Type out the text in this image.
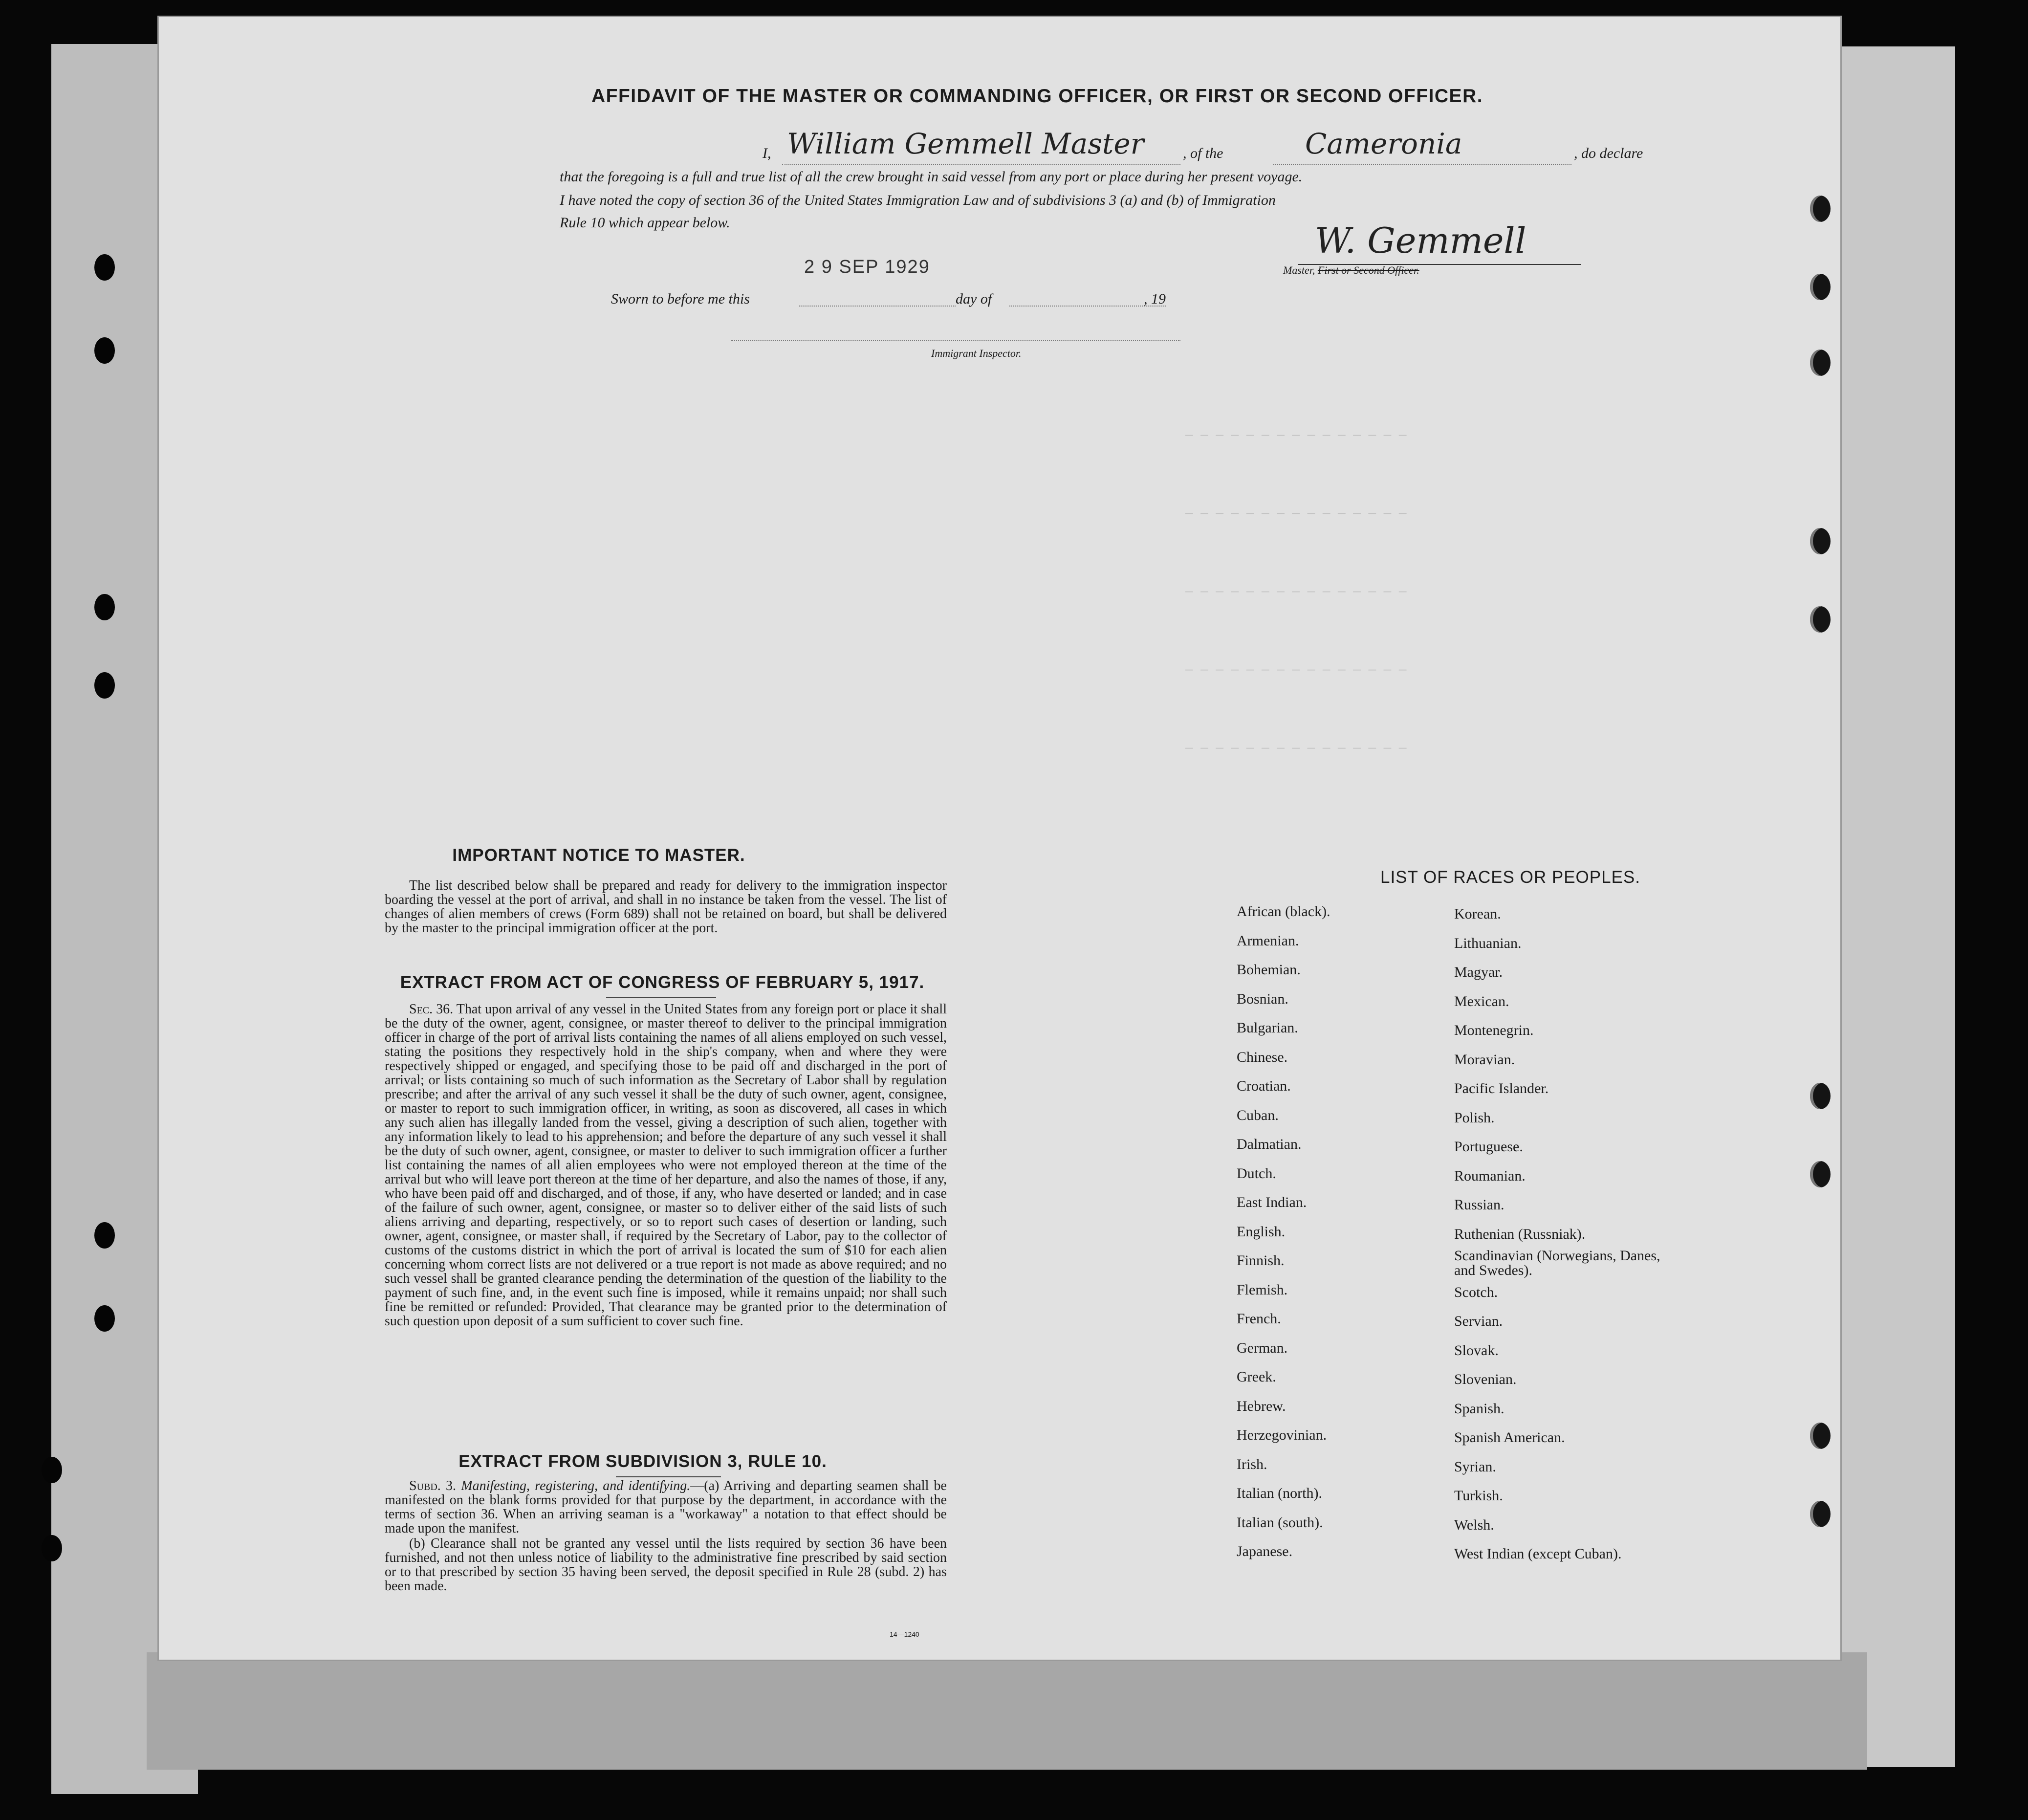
— — — — — — — — — — — — — — —
— — — — — — — — — — — — — — —
— — — — — — — — — — — — — — —
— — — — — — — — — — — — — — —
— — — — — — — — — — — — — — —
AFFIDAVIT OF THE MASTER OR COMMANDING OFFICER, OR FIRST OR SECOND OFFICER.
I, William Gemmell Master	, of the	Cameronia	, do declare
that the foregoing is a full and true list of all the crew brought in said vessel from any port or place during her present voyage.
I have noted the copy of section 36 of the United States Immigration Law and of subdivisions 3 (a) and (b) of Immigration
Rule 10 which appear below.	W. Gemmell
Master, First or Second Officer.
2 9 SEP 1929
Sworn to before me this	day of	, 19
Immigrant Inspector.
IMPORTANT NOTICE TO MASTER.

The list described below shall be prepared and ready for delivery to the immigration inspector boarding the vessel at the port of arrival, and shall in no instance be taken from the vessel. The list of changes of alien members of crews (Form 689) shall not be retained on board, but shall be delivered by the master to the principal immigration officer at the port.

EXTRACT FROM ACT OF CONGRESS OF FEBRUARY 5, 1917.

Sec. 36. That upon arrival of any vessel in the United States from any foreign port or place it shall be the duty of the owner, agent, consignee, or master thereof to deliver to the principal immigration officer in charge of the port of arrival lists containing the names of all aliens employed on such vessel, stating the positions they respectively hold in the ship's company, when and where they were respectively shipped or engaged, and specifying those to be paid off and discharged in the port of arrival; or lists containing so much of such information as the Secretary of Labor shall by regulation prescribe; and after the arrival of any such vessel it shall be the duty of such owner, agent, consignee, or master to report to such immigration officer, in writing, as soon as discovered, all cases in which any such alien has illegally landed from the vessel, giving a description of such alien, together with any information likely to lead to his apprehension; and before the departure of any such vessel it shall be the duty of such owner, agent, consignee, or master to deliver to such immigration officer a further list containing the names of all alien employees who were not employed thereon at the time of the arrival but who will leave port thereon at the time of her departure, and also the names of those, if any, who have been paid off and discharged, and of those, if any, who have deserted or landed; and in case of the failure of such owner, agent, consignee, or master so to deliver either of the said lists of such aliens arriving and departing, respectively, or so to report such cases of desertion or landing, such owner, agent, consignee, or master shall, if required by the Secretary of Labor, pay to the collector of customs of the customs district in which the port of arrival is located the sum of $10 for each alien concerning whom correct lists are not delivered or a true report is not made as above required; and no such vessel shall be granted clearance pending the determination of the question of the liability to the payment of such fine, and, in the event such fine is imposed, while it remains unpaid; nor shall such fine be remitted or refunded: Provided, That clearance may be granted prior to the determination of such question upon deposit of a sum sufficient to cover such fine.

EXTRACT FROM SUBDIVISION 3, RULE 10.

Subd. 3. Manifesting, registering, and identifying.—(a) Arriving and departing seamen shall be manifested on the blank forms provided for that purpose by the department, in accordance with the terms of section 36. When an arriving seaman is a "workaway" a notation to that effect should be made upon the manifest.

(b) Clearance shall not be granted any vessel until the lists required by section 36 have been furnished, and not then unless notice of liability to the administrative fine prescribed by said section or to that prescribed by section 35 having been served, the deposit specified in Rule 28 (subd. 2) has been made.

14—1240
LIST OF RACES OR PEOPLES.
African (black).
Armenian.
Bohemian.
Bosnian.
Bulgarian.
Chinese.
Croatian.
Cuban.
Dalmatian.
Dutch.
East Indian.
English.
Finnish.
Flemish.
French.
German.
Greek.
Hebrew.
Herzegovinian.
Irish.
Italian (north).
Italian (south).
Japanese.
Korean.
Lithuanian.
Magyar.
Mexican.
Montenegrin.
Moravian.
Pacific Islander.
Polish.
Portuguese.
Roumanian.
Russian.
Ruthenian (Russniak).
Scandinavian (Norwegians, Danes, and Swedes).
Scotch.
Servian.
Slovak.
Slovenian.
Spanish.
Spanish American.
Syrian.
Turkish.
Welsh.
West Indian (except Cuban).
